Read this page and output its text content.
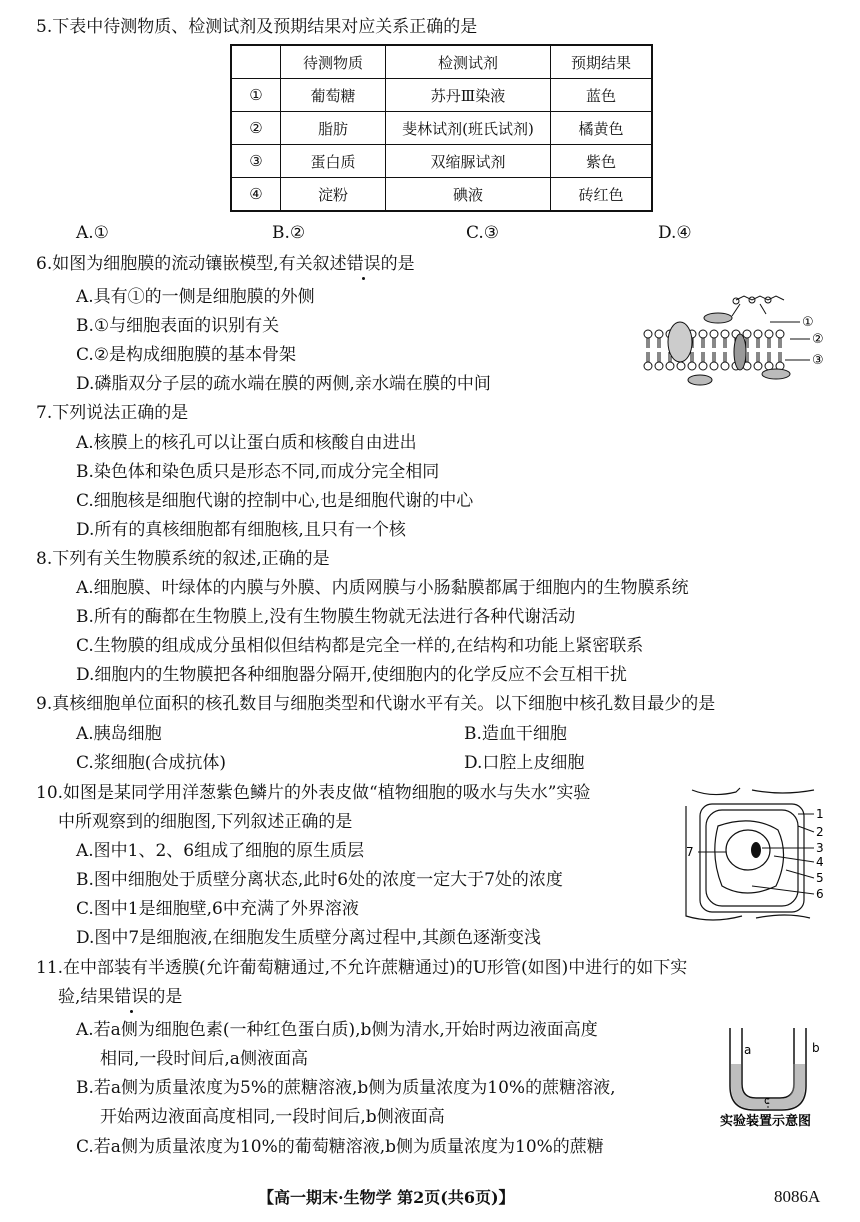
5.下表中待测物质、检测试剂及预期结果对应关系正确的是
	待测物质	检测试剂	预期结果
①	葡萄糖	苏丹Ⅲ染液	蓝色
②	脂肪	斐林试剂(班氏试剂)	橘黄色
③	蛋白质	双缩脲试剂	紫色
④	淀粉	碘液	砖红色
A.①	B.②	C.③	D.④
6.如图为细胞膜的流动镶嵌模型,有关叙述错误的是
A.具有①的一侧是细胞膜的外侧
B.①与细胞表面的识别有关
C.②是构成细胞膜的基本骨架
D.磷脂双分子层的疏水端在膜的两侧,亲水端在膜的中间
①
②
③
7.下列说法正确的是
A.核膜上的核孔可以让蛋白质和核酸自由进出
B.染色体和染色质只是形态不同,而成分完全相同
C.细胞核是细胞代谢的控制中心,也是细胞代谢的中心
D.所有的真核细胞都有细胞核,且只有一个核
8.下列有关生物膜系统的叙述,正确的是
A.细胞膜、叶绿体的内膜与外膜、内质网膜与小肠黏膜都属于细胞内的生物膜系统
B.所有的酶都在生物膜上,没有生物膜生物就无法进行各种代谢活动
C.生物膜的组成成分虽相似但结构都是完全一样的,在结构和功能上紧密联系
D.细胞内的生物膜把各种细胞器分隔开,使细胞内的化学反应不会互相干扰
9.真核细胞单位面积的核孔数目与细胞类型和代谢水平有关。以下细胞中核孔数目最少的是
A.胰岛细胞	B.造血干细胞
C.浆细胞(合成抗体)	D.口腔上皮细胞
10.如图是某同学用洋葱紫色鳞片的外表皮做“植物细胞的吸水与失水”实验
中所观察到的细胞图,下列叙述正确的是
A.图中1、2、6组成了细胞的原生质层
B.图中细胞处于质壁分离状态,此时6处的浓度一定大于7处的浓度
C.图中1是细胞壁,6中充满了外界溶液
D.图中7是细胞液,在细胞发生质壁分离过程中,其颜色逐渐变浅
1
2
3
4
5
6
7
11.在中部装有半透膜(允许葡萄糖通过,不允许蔗糖通过)的U形管(如图)中进行的如下实
验,结果错误的是
A.若a侧为细胞色素(一种红色蛋白质),b侧为清水,开始时两边液面高度
相同,一段时间后,a侧液面高
B.若a侧为质量浓度为5%的蔗糖溶液,b侧为质量浓度为10%的蔗糖溶液,
开始两边液面高度相同,一段时间后,b侧液面高
C.若a侧为质量浓度为10%的葡萄糖溶液,b侧为质量浓度为10%的蔗糖
a	b
c
实验装置示意图
【高一期末·生物学 第2页(共6页)】	8086A
